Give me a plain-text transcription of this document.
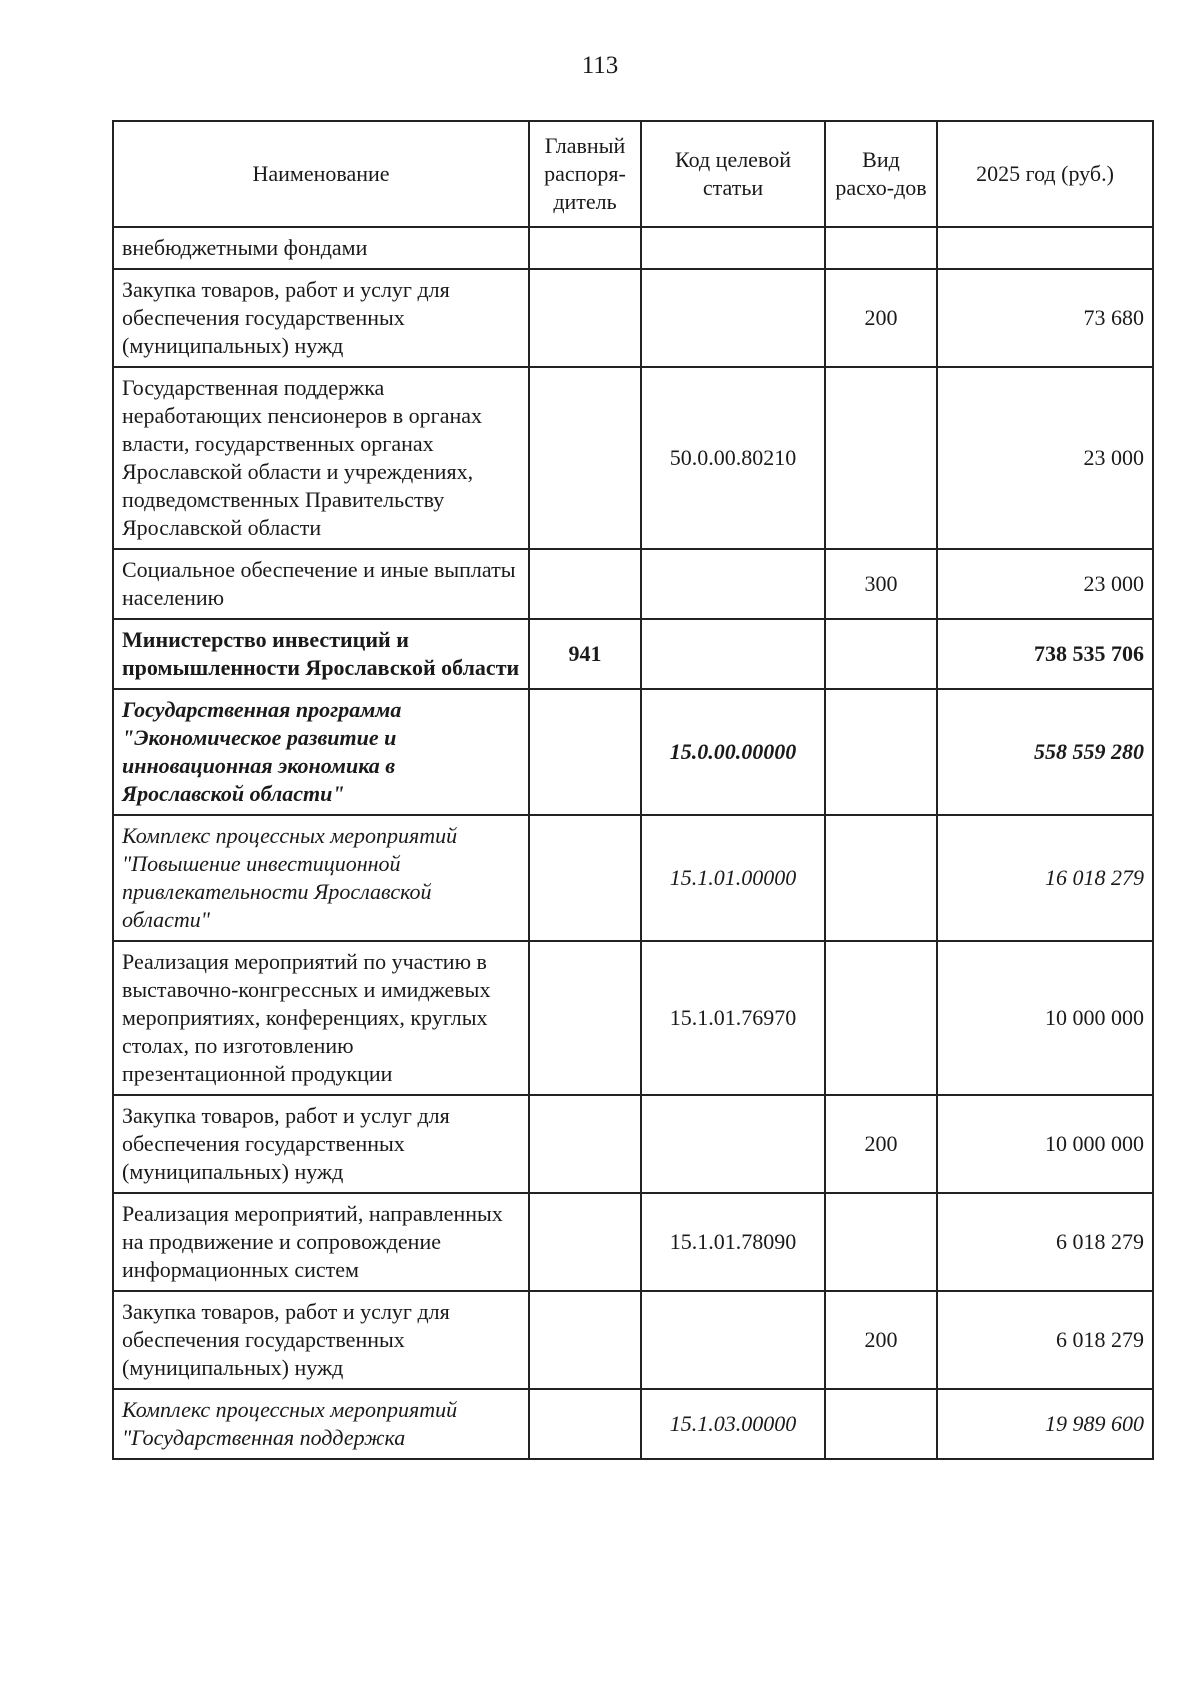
113
Наименование	Главный распоря-дитель	Код целевой статьи	Вид расхо-дов	2025 год (руб.)
внебюджетными фондами				
Закупка товаров, работ и услуг для обеспечения государственных (муниципальных) нужд			200	73 680
Государственная поддержка неработающих пенсионеров в органах власти, государственных органах Ярославской области и учреждениях, подведомственных Правительству Ярославской области		50.0.00.80210		23 000
Социальное обеспечение и иные выплаты населению			300	23 000
Министерство инвестиций и промышленности Ярославской области	941			738 535 706
Государственная программа "Экономическое развитие и инновационная экономика в Ярославской области"		15.0.00.00000		558 559 280
Комплекс процессных мероприятий "Повышение инвестиционной привлекательности Ярославской области"		15.1.01.00000		16 018 279
Реализация мероприятий по участию в выставочно-конгрессных и имиджевых мероприятиях, конференциях, круглых столах, по изготовлению презентационной продукции		15.1.01.76970		10 000 000
Закупка товаров, работ и услуг для обеспечения государственных (муниципальных) нужд			200	10 000 000
Реализация мероприятий, направленных на продвижение и сопровождение информационных систем		15.1.01.78090		6 018 279
Закупка товаров, работ и услуг для обеспечения государственных (муниципальных) нужд			200	6 018 279
Комплекс процессных мероприятий "Государственная поддержка		15.1.03.00000		19 989 600
